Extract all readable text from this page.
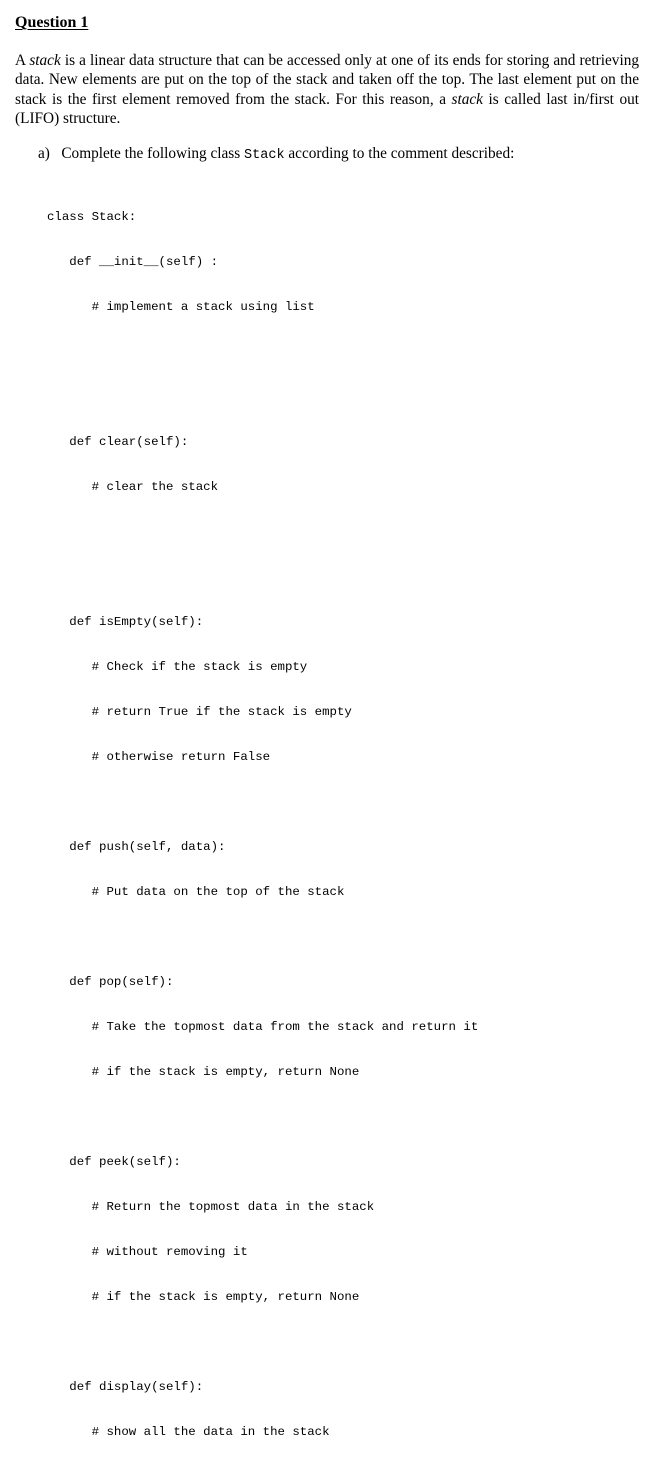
Question 1

A stack is a linear data structure that can be accessed only at one of its ends for storing and retrieving data. New elements are put on the top of the stack and taken off the top. The last element put on the stack is the first element removed from the stack. For this reason, a stack is called last in/first out (LIFO) structure.

a)  Complete the following class Stack according to the comment described:

class Stack:

def __init__(self) :

# implement a stack using list

def clear(self):

# clear the stack

def isEmpty(self):

# Check if the stack is empty

# return True if the stack is empty

# otherwise return False

def push(self, data):

# Put data on the top of the stack

def pop(self):

# Take the topmost data from the stack and return it

# if the stack is empty, return None

def peek(self):

# Return the topmost data in the stack

# without removing it

# if the stack is empty, return None

def display(self):

# show all the data in the stack
